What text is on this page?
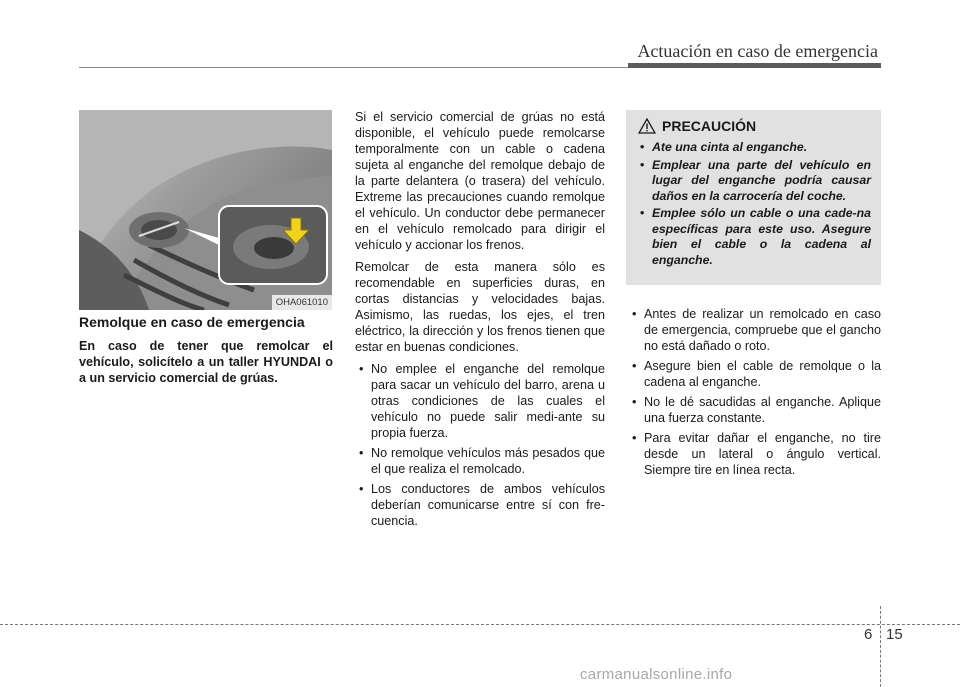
Actuación en caso de emergencia
OHA061010
Remolque en caso de emergencia

En caso de tener que remolcar el vehículo, solicítelo a un taller HYUNDAI o a un servicio comercial de grúas.

Si el servicio comercial de grúas no está disponible, el vehículo puede remolcarse temporalmente con un cable o cadena sujeta al enganche del remolque debajo de la parte delantera (o trasera) del vehículo. Extreme las precauciones cuando remolque el vehículo. Un conductor debe permanecer en el vehículo remolcado para dirigir el vehículo y accionar los frenos.

Remolcar de esta manera sólo es recomendable en superficies duras, en cortas distancias y velocidades bajas. Asimismo, las ruedas, los ejes, el tren eléctrico, la dirección y los frenos tienen que estar en buenas condiciones.

• No emplee el enganche del remolque para sacar un vehículo del barro, arena u otras condiciones de las cuales el vehículo no puede salir medi-ante su propia fuerza.
• No remolque vehículos más pesados que el que realiza el remolcado.
• Los conductores de ambos vehículos deberían comunicarse entre sí con fre-cuencia.
PRECAUCIÓN
• Ate una cinta al enganche.
• Emplear una parte del vehículo en lugar del enganche podría causar daños en la carrocería del coche.
• Emplee sólo un cable o una cade-na específicas para este uso. Asegure bien el cable o la cadena al enganche.
• Antes de realizar un remolcado en caso de emergencia, compruebe que el gancho no está dañado o roto.
• Asegure bien el cable de remolque o la cadena al enganche.
• No le dé sacudidas al enganche. Aplique una fuerza constante.
• Para evitar dañar el enganche, no tire desde un lateral o ángulo vertical. Siempre tire en línea recta.
6 15
carmanualsonline.info
